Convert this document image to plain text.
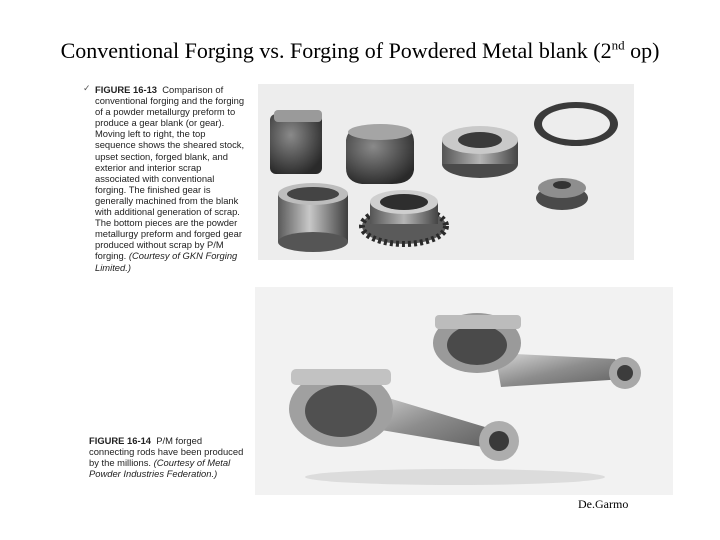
Conventional Forging vs. Forging of Powdered Metal blank (2nd op)
✓ FIGURE 16-13 Comparison of conventional forging and the forging of a powder metallurgy preform to produce a gear blank (or gear). Moving left to right, the top sequence shows the sheared stock, upset section, forged blank, and exterior and interior scrap associated with conventional forging. The finished gear is generally machined from the blank with additional generation of scrap. The bottom pieces are the powder metallurgy preform and forged gear produced without scrap by P/M forging. (Courtesy of GKN Forging Limited.)
FIGURE 16-14 P/M forged connecting rods have been produced by the millions. (Courtesy of Metal Powder Industries Federation.)
De.Garmo
